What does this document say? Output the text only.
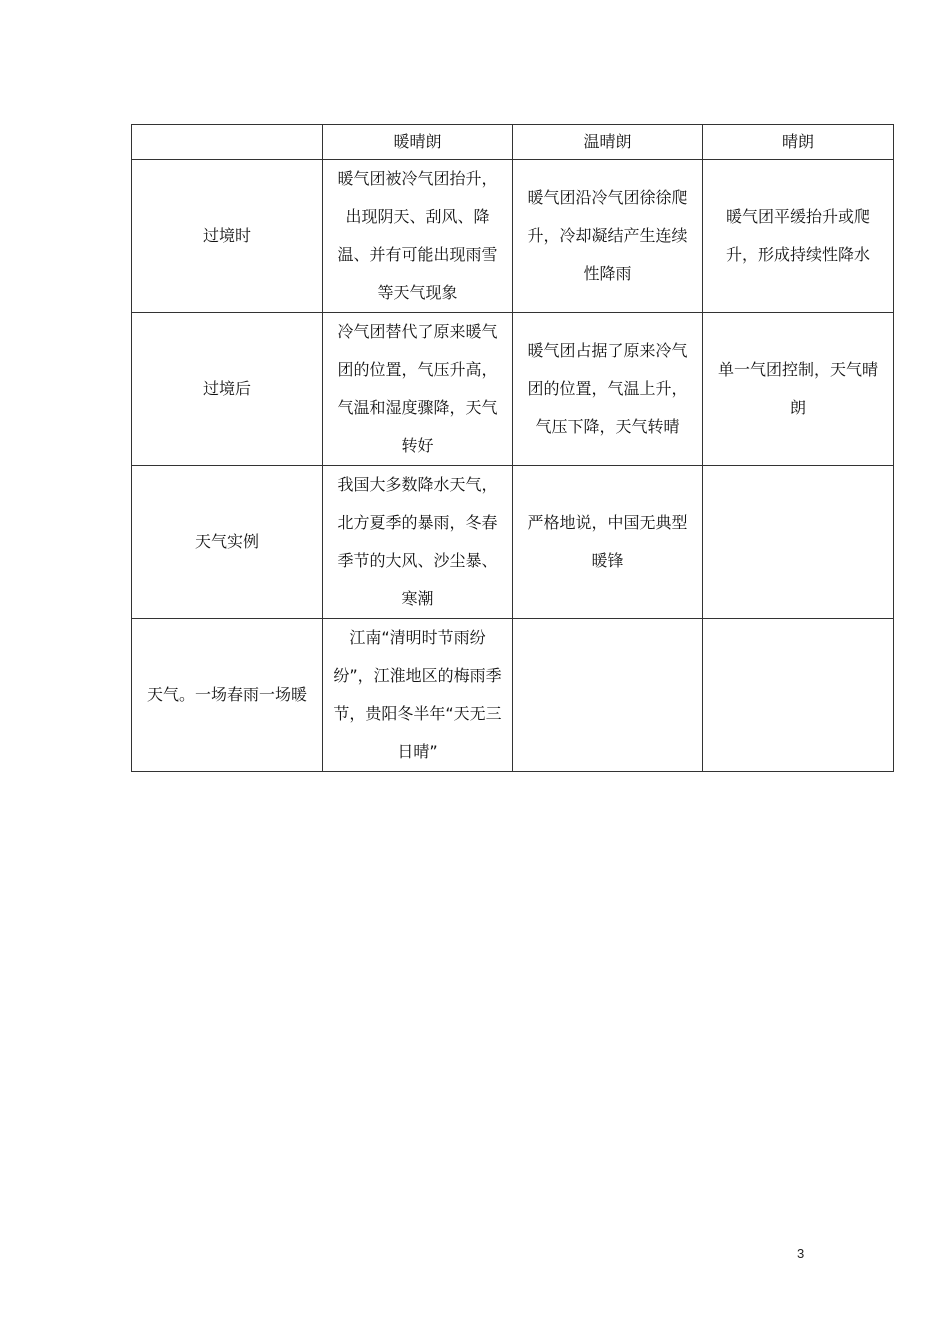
	暖晴朗	温晴朗	晴朗
过境时	暖气团被冷气团抬升，出现阴天、刮风、降温、并有可能出现雨雪等天气现象	暖气团沿冷气团徐徐爬升，冷却凝结产生连续性降雨	暖气团平缓抬升或爬升，形成持续性降水
过境后	冷气团替代了原来暖气团的位置，气压升高，气温和湿度骤降，天气转好	暖气团占据了原来冷气团的位置，气温上升，气压下降，天气转晴	单一气团控制，天气晴朗
天气实例	我国大多数降水天气，北方夏季的暴雨，冬春季节的大风、沙尘暴、寒潮	严格地说，中国无典型暖锋	
天气。一场春雨一场暖	江南“清明时节雨纷纷”，江淮地区的梅雨季节，贵阳冬半年“天无三日晴”		
3
